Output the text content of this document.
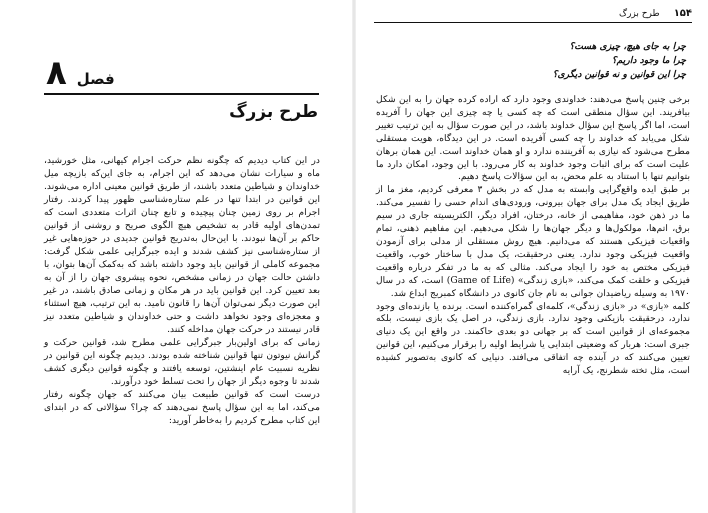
فصل
۸
طرح بزرگ

در این کتاب دیدیم که چگونه نظم حرکت اجرام کیهانی، مثل خورشید، ماه و سیارات نشان می‌دهد که این اجرام، به جای این‌که بازیچه میل خداوندان و شیاطین متعدد باشند، از طریق قوانین معینی اداره می‌شوند. این قوانین در ابتدا تنها در علم ستاره‌شناسی ظهور پیدا کردند. رفتار اجرام بر روی زمین چنان پیچیده و تابع چنان اثرات متعددی است که تمدن‌های اولیه قادر به تشخیص هیچ الگوی صریح و روشنی از قوانین حاکم بر آن‌ها نبودند. با این‌حال به‌تدریج قوانین جدیدی در حوزه‌هایی غیر از ستاره‌شناسی نیز کشف شدند و ایده جبرگرایی علمی شکل گرفت: مجموعه کاملی از قوانین باید وجود داشته باشد که به‌کمک آن‌ها بتوان، با داشتن حالت جهان در زمانی مشخص، نحوه پیشروی جهان را از آن به بعد تعیین کرد. این قوانین باید در هر مکان و زمانی صادق باشند، در غیر این صورت دیگر نمی‌توان آن‌ها را قانون نامید. به این ترتیب، هیچ استثناء و معجزه‌ای وجود نخواهد داشت و حتی خداوندان و شیاطین متعدد نیز قادر نیستند در حرکت جهان مداخله کنند.

زمانی که برای اولین‌بار جبرگرایی علمی مطرح شد، قوانین حرکت و گرانش نیوتون تنها قوانین شناخته شده بودند. دیدیم چگونه این قوانین در نظریه نسبیت عام اینشتین، توسعه یافتند و چگونه قوانین دیگری کشف شدند تا وجوه دیگر از جهان را تحت تسلط خود درآورند.

درست است که قوانین طبیعت بیان می‌کنند که جهان چگونه رفتار می‌کند، اما به این سؤال پاسخ نمی‌دهند که چرا؟ سؤالاتی که در ابتدای این کتاب مطرح کردیم را به‌خاطر آورید:

۱۵۴
طرح بزرگ
چرا به جای هیچ، چیزی هست؟
چرا ما وجود داریم؟
چرا این قوانین و نه قوانین دیگری؟

برخی چنین پاسخ می‌دهند: خداوندی وجود دارد که اراده کرده جهان را به این شکل بیافریند. این سؤال منطقی است که چه کسی یا چه چیزی این جهان را آفریده است، اما اگر پاسخ این سؤال خداوند باشد، در این صورت سؤال به این ترتیب تغییر شکل می‌یابد که خداوند را چه کسی آفریده است. در این دیدگاه، هویت مستقلی مطرح می‌شود که نیازی به آفریننده ندارد و او همان خداوند است. این همان برهان علیت است که برای اثبات وجود خداوند به کار می‌رود. با این وجود، امکان دارد ما بتوانیم تنها با استناد به علم محض، به این سؤالات پاسخ دهیم.

بر طبق ایده واقع‌گرایی وابسته به مدل که در بخش ۳ معرفی کردیم، مغز ما از طریق ایجاد یک مدل برای جهان بیرونی، ورودی‌های اندام حسی را تفسیر می‌کند. ما در ذهن خود، مفاهیمی از خانه، درختان، افراد دیگر، الکتریسیته جاری در سیم برق، اتم‌ها، مولکول‌ها و دیگر جهان‌ها را شکل می‌دهیم. این مفاهیم ذهنی، تمام واقعیات فیزیکی هستند که می‌دانیم. هیچ روش مستقلی از مدلی برای آزمودن واقعیت فیزیکی وجود ندارد. یعنی درحقیقت، یک مدل با ساختار خوب، واقعیت فیزیکی مختص به خود را ایجاد می‌کند. مثالی که به ما در تفکر درباره واقعیت فیزیکی و خلقت کمک می‌کند، «بازی زندگی» (Game of Life) است، که در سال ۱۹۷۰ به وسیله ریاضیدان جوانی به نام جان کانوی در دانشگاه کمبریج ابداع شد.

کلمه «بازی» در «بازی زندگی»، کلمه‌ای گمراه‌کننده است. برنده یا بازنده‌ای وجود ندارد، درحقیقت بازیکنی وجود ندارد. بازی زندگی، در اصل یک بازی نیست، بلکه مجموعه‌ای از قوانین است که بر جهانی دو بعدی حاکمند. در واقع این یک دنیای جبری است: هربار که وضعیتی ابتدایی یا شرایط اولیه را برقرار می‌کنیم، این قوانین تعیین می‌کنند که در آینده چه اتفاقی می‌افتد. دنیایی که کانوی به‌تصویر کشیده است، مثل تخته شطرنج، یک آرایه
